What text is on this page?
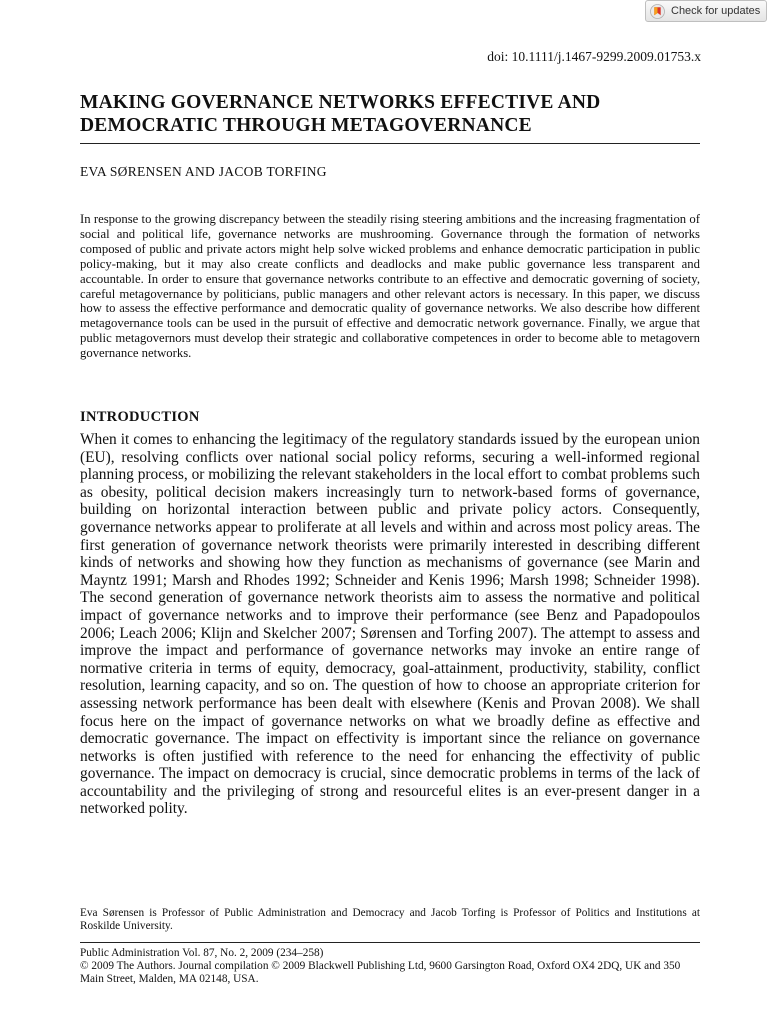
Check for updates
doi: 10.1111/j.1467-9299.2009.01753.x
MAKING GOVERNANCE NETWORKS EFFECTIVE AND
DEMOCRATIC THROUGH METAGOVERNANCE
EVA SØRENSEN AND JACOB TORFING

In response to the growing discrepancy between the steadily rising steering ambitions and the increasing fragmentation of social and political life, governance networks are mushrooming. Governance through the formation of networks composed of public and private actors might help solve wicked problems and enhance democratic participation in public policy-making, but it may also create conflicts and deadlocks and make public governance less transparent and accountable. In order to ensure that governance networks contribute to an effective and democratic governing of society, careful metagovernance by politicians, public managers and other relevant actors is necessary. In this paper, we discuss how to assess the effective performance and democratic quality of governance networks. We also describe how different metagovernance tools can be used in the pursuit of effective and democratic network governance. Finally, we argue that public metagovernors must develop their strategic and collaborative competences in order to become able to metagovern governance networks.

INTRODUCTION

When it comes to enhancing the legitimacy of the regulatory standards issued by the european union (EU), resolving conflicts over national social policy reforms, securing a well-informed regional planning process, or mobilizing the relevant stakeholders in the local effort to combat problems such as obesity, political decision makers increasingly turn to network-based forms of governance, building on horizontal interaction between public and private policy actors. Consequently, governance networks appear to proliferate at all levels and within and across most policy areas. The first generation of governance network theorists were primarily interested in describing different kinds of networks and showing how they function as mechanisms of governance (see Marin and Mayntz 1991; Marsh and Rhodes 1992; Schneider and Kenis 1996; Marsh 1998; Schneider 1998). The second generation of governance network theorists aim to assess the normative and political impact of governance networks and to improve their performance (see Benz and Papadopoulos 2006; Leach 2006; Klijn and Skelcher 2007; Sørensen and Torfing 2007). The attempt to assess and improve the impact and performance of governance networks may invoke an entire range of normative criteria in terms of equity, democracy, goal-attainment, productivity, stability, conflict resolution, learning capacity, and so on. The question of how to choose an appropriate criterion for assessing network performance has been dealt with elsewhere (Kenis and Provan 2008). We shall focus here on the impact of governance networks on what we broadly define as effective and democratic governance. The impact on effectivity is important since the reliance on governance networks is often justified with reference to the need for enhancing the effectivity of public governance. The impact on democracy is crucial, since democratic problems in terms of the lack of accountability and the privileging of strong and resourceful elites is an ever-present danger in a networked polity.

Eva Sørensen is Professor of Public Administration and Democracy and Jacob Torfing is Professor of Politics and Institutions at Roskilde University.

Public Administration Vol. 87, No. 2, 2009 (234–258)
© 2009 The Authors. Journal compilation © 2009 Blackwell Publishing Ltd, 9600 Garsington Road, Oxford OX4 2DQ, UK and 350 Main Street, Malden, MA 02148, USA.
